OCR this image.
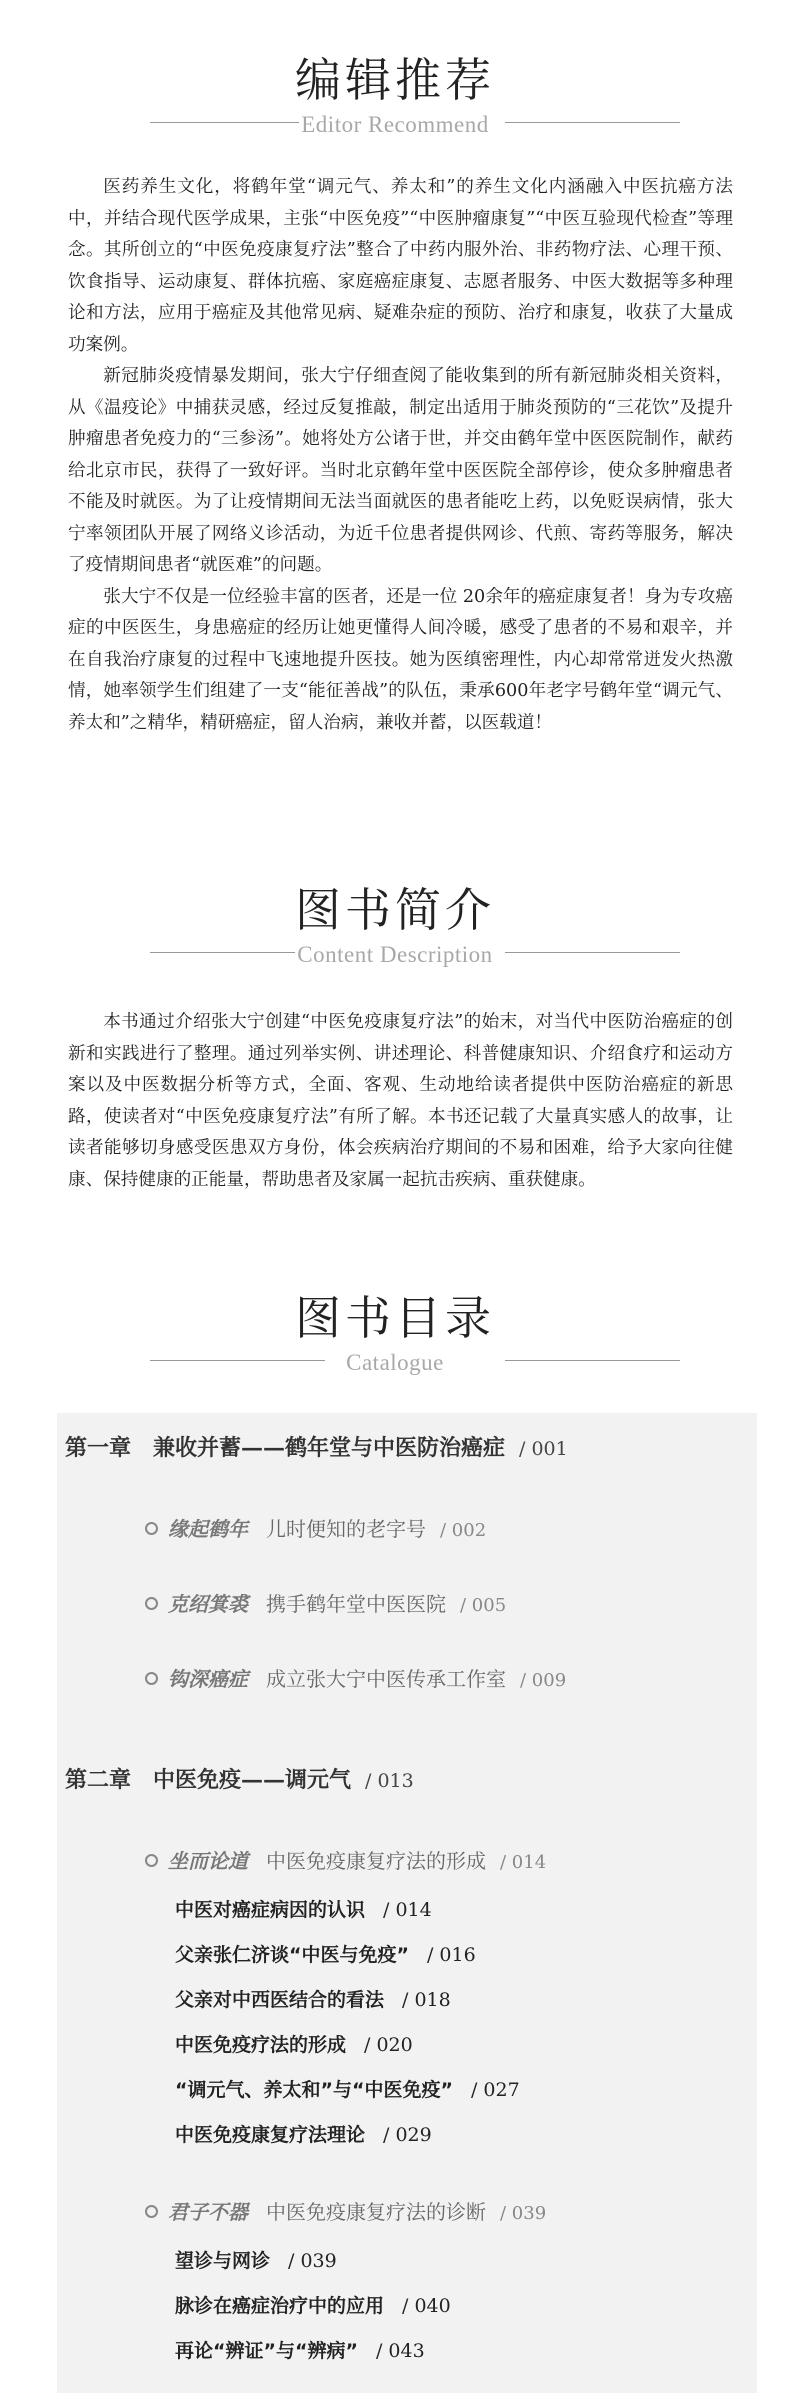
编辑推荐
Editor Recommend

医药养生文化，将鹤年堂“调元气、养太和”的养生文化内涵融入中医抗癌方法中，并结合现代医学成果，主张“中医免疫”“中医肿瘤康复”“中医互验现代检查”等理念。其所创立的“中医免疫康复疗法”整合了中药内服外治、非药物疗法、心理干预、饮食指导、运动康复、群体抗癌、家庭癌症康复、志愿者服务、中医大数据等多种理论和方法，应用于癌症及其他常见病、疑难杂症的预防、治疗和康复，收获了大量成功案例。

新冠肺炎疫情暴发期间，张大宁仔细查阅了能收集到的所有新冠肺炎相关资料，从《温疫论》中捕获灵感，经过反复推敲，制定出适用于肺炎预防的“三花饮”及提升肿瘤患者免疫力的“三参汤”。她将处方公诸于世，并交由鹤年堂中医医院制作，献药给北京市民，获得了一致好评。当时北京鹤年堂中医医院全部停诊，使众多肿瘤患者不能及时就医。为了让疫情期间无法当面就医的患者能吃上药，以免贬误病情，张大宁率领团队开展了网络义诊活动，为近千位患者提供网诊、代煎、寄药等服务，解决了疫情期间患者“就医难”的问题。

张大宁不仅是一位经验丰富的医者，还是一位 20余年的癌症康复者！身为专攻癌症的中医医生，身患癌症的经历让她更懂得人间冷暖，感受了患者的不易和艰辛，并在自我治疗康复的过程中飞速地提升医技。她为医缜密理性，内心却常常迸发火热激情，她率领学生们组建了一支“能征善战”的队伍，秉承600年老字号鹤年堂“调元气、养太和”之精华，精研癌症，留人治病，兼收并蓄，以医载道！

图书简介
Content Description

本书通过介绍张大宁创建“中医免疫康复疗法”的始末，对当代中医防治癌症的创新和实践进行了整理。通过列举实例、讲述理论、科普健康知识、介绍食疗和运动方案以及中医数据分析等方式，全面、客观、生动地给读者提供中医防治癌症的新思路，使读者对“中医免疫康复疗法”有所了解。本书还记载了大量真实感人的故事，让读者能够切身感受医患双方身份，体会疾病治疗期间的不易和困难，给予大家向往健康、保持健康的正能量，帮助患者及家属一起抗击疾病、重获健康。

图书目录
Catalogue
第一章　兼收并蓄——鹤年堂与中医防治癌症 / 001
缘起鹤年 儿时便知的老字号 / 002
克绍箕裘 携手鹤年堂中医医院 / 005
钩深癌症 成立张大宁中医传承工作室 / 009
第二章　中医免疫——调元气 / 013
坐而论道 中医免疫康复疗法的形成 / 014
中医对癌症病因的认识 / 014
父亲张仁济谈“中医与免疫” / 016
父亲对中西医结合的看法 / 018
中医免疫疗法的形成 / 020
“调元气、养太和”与“中医免疫” / 027
中医免疫康复疗法理论 / 029
君子不器 中医免疫康复疗法的诊断 / 039
望诊与网诊 / 039
脉诊在癌症治疗中的应用 / 040
再论“辨证”与“辨病” / 043
